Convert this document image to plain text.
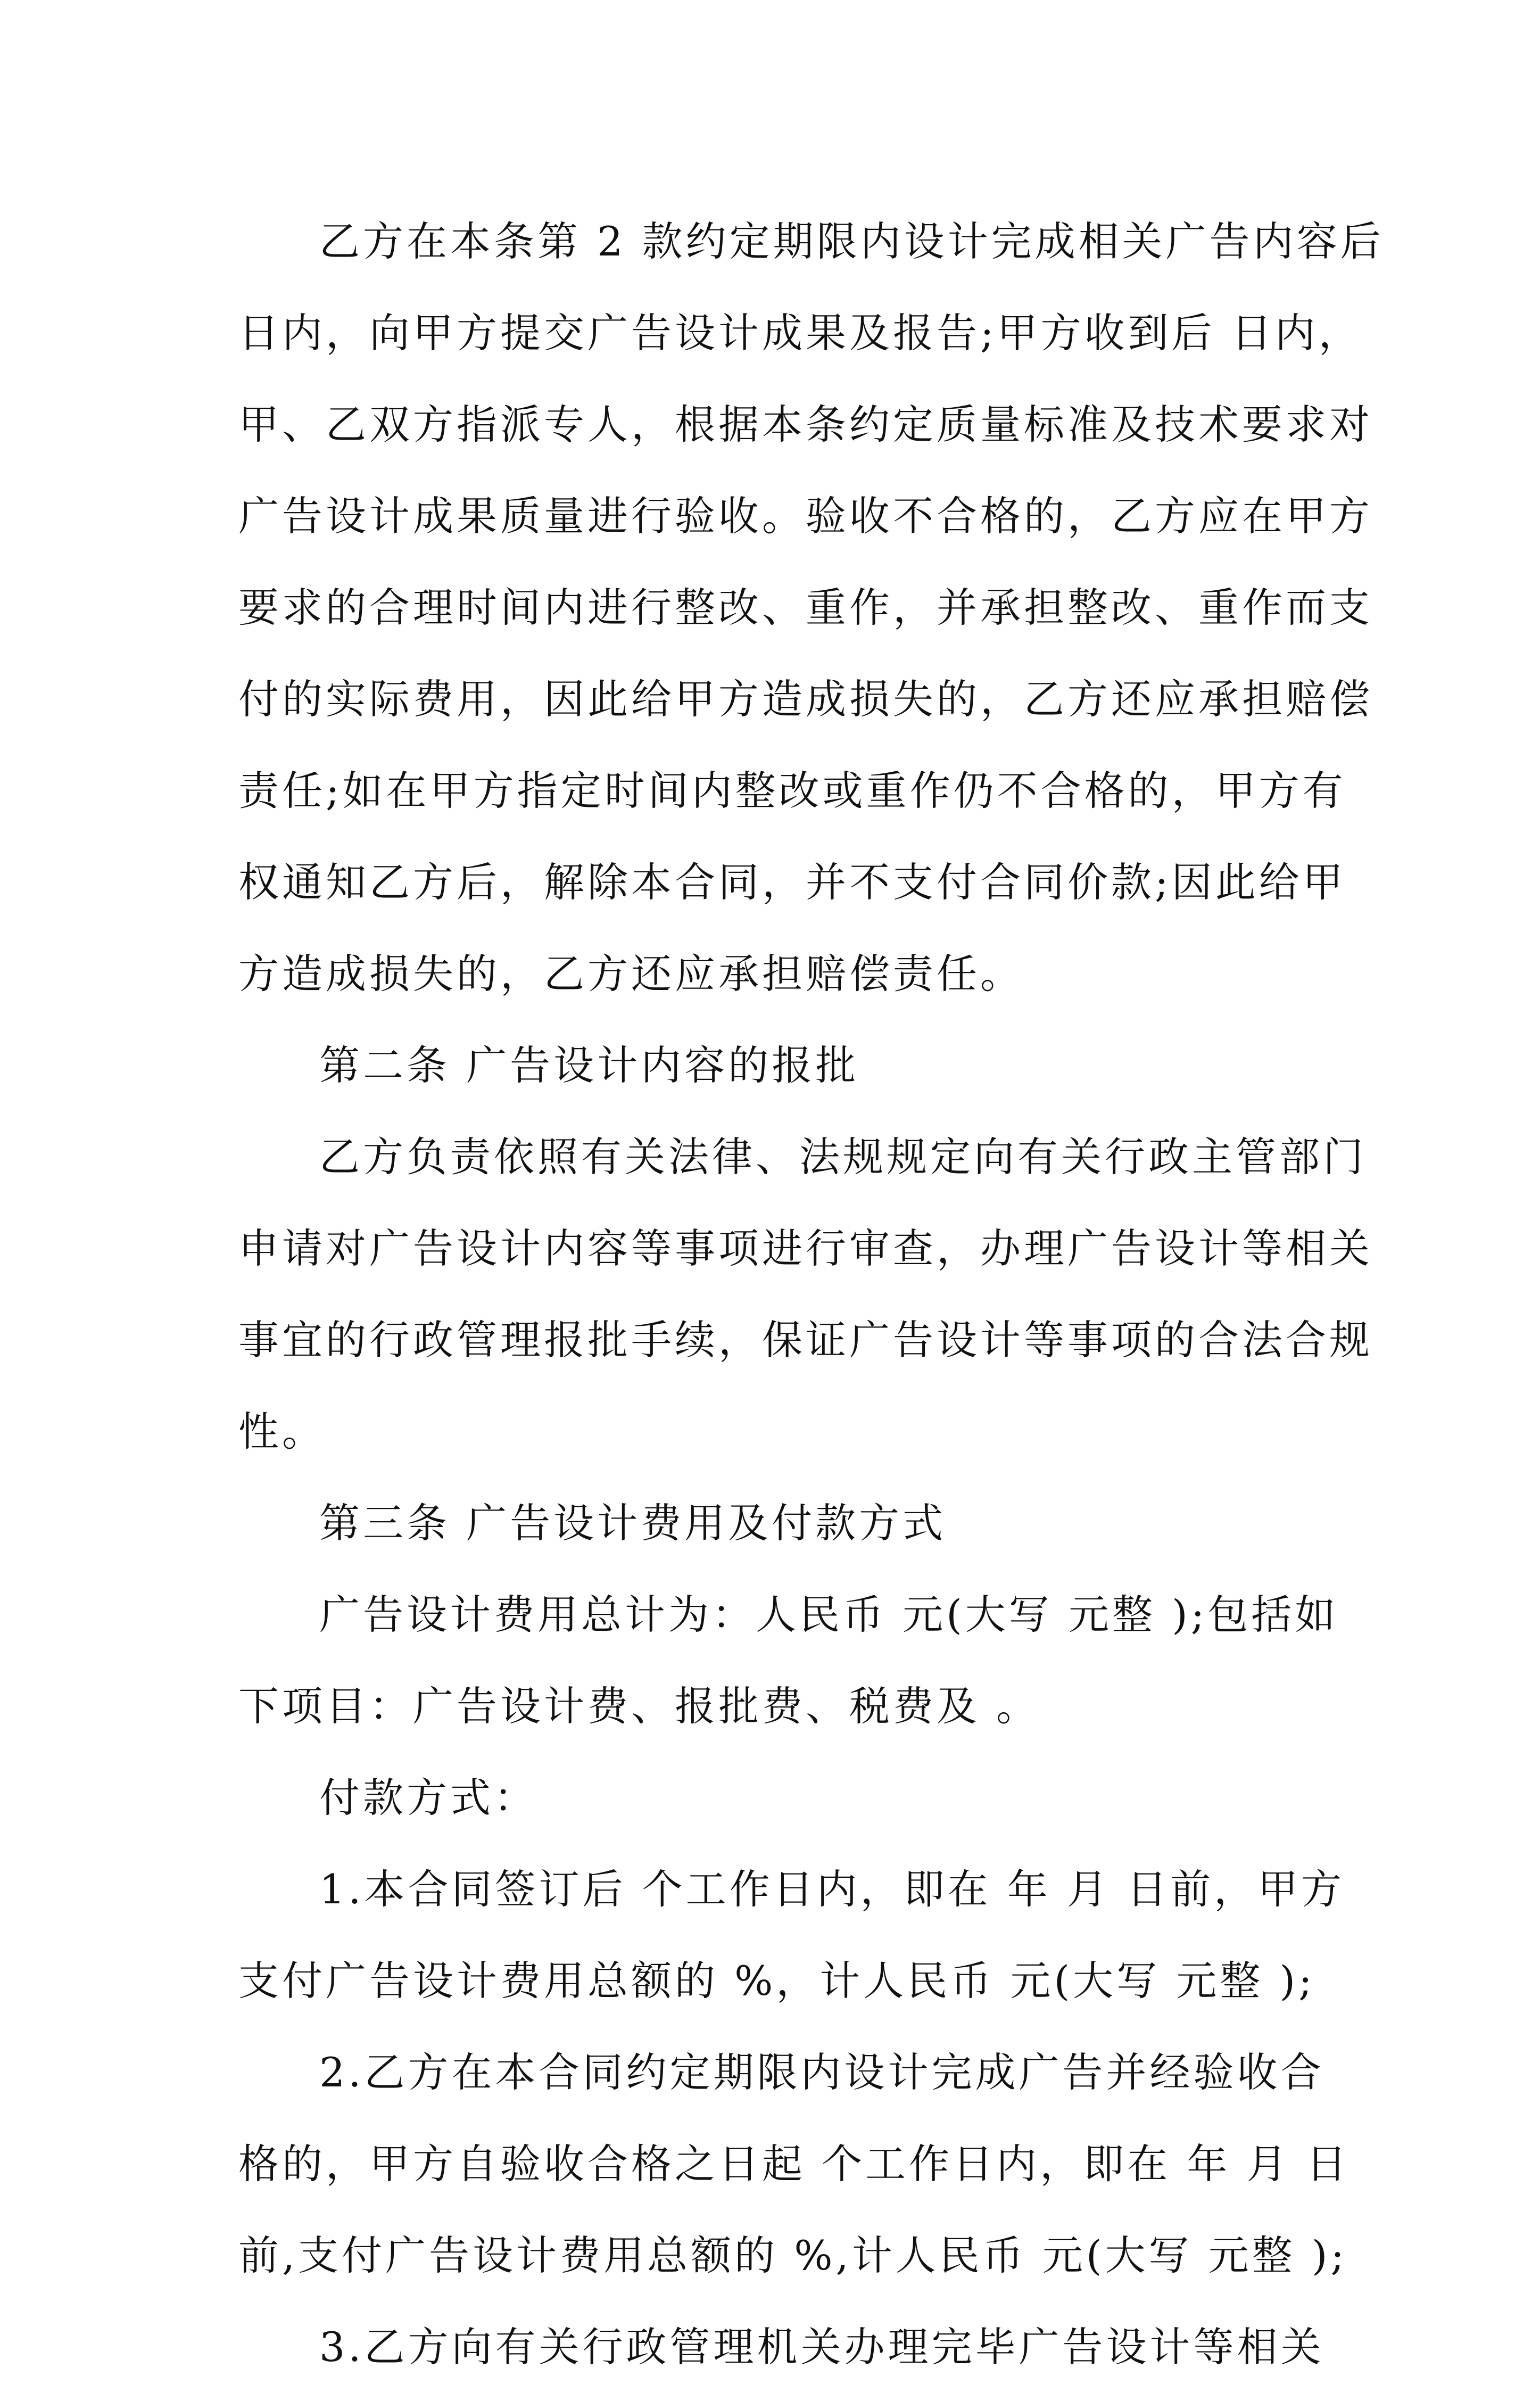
乙方在本条第 2 款约定期限内设计完成相关广告内容后
日内，向甲方提交广告设计成果及报告;甲方收到后 日内，
甲、乙双方指派专人，根据本条约定质量标准及技术要求对
广告设计成果质量进行验收。验收不合格的，乙方应在甲方
要求的合理时间内进行整改、重作，并承担整改、重作而支
付的实际费用，因此给甲方造成损失的，乙方还应承担赔偿
责任;如在甲方指定时间内整改或重作仍不合格的，甲方有
权通知乙方后，解除本合同，并不支付合同价款;因此给甲
方造成损失的，乙方还应承担赔偿责任。
第二条 广告设计内容的报批
乙方负责依照有关法律、法规规定向有关行政主管部门
申请对广告设计内容等事项进行审查，办理广告设计等相关
事宜的行政管理报批手续，保证广告设计等事项的合法合规
性。
第三条 广告设计费用及付款方式
广告设计费用总计为：人民币 元(大写 元整 );包括如
下项目：广告设计费、报批费、税费及 。
付款方式：
1.本合同签订后 个工作日内，即在 年 月 日前，甲方
支付广告设计费用总额的 %，计人民币 元(大写 元整 );
2.乙方在本合同约定期限内设计完成广告并经验收合
格的，甲方自验收合格之日起 个工作日内，即在 年 月 日
前,支付广告设计费用总额的 %,计人民币 元(大写 元整 );
3.乙方向有关行政管理机关办理完毕广告设计等相关
